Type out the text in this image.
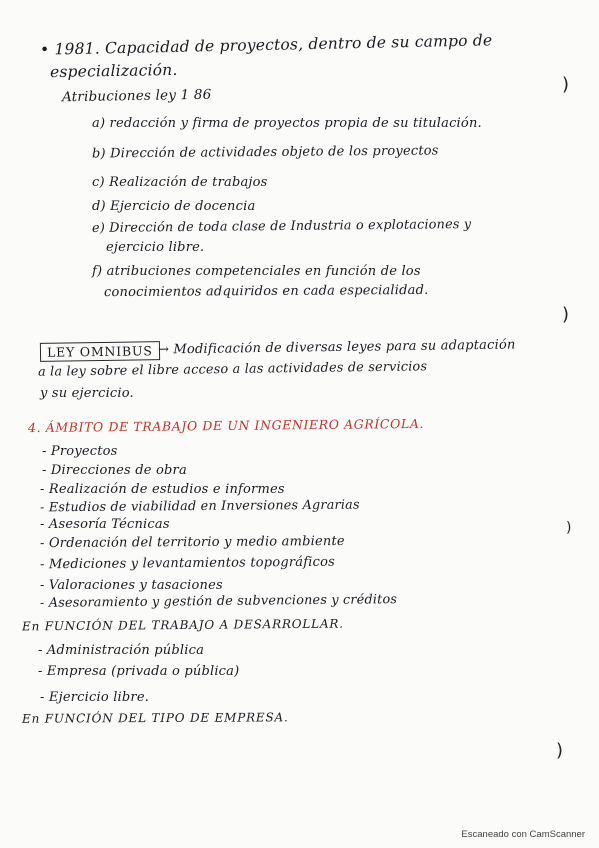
• 1981. Capacidad de proyectos, dentro de su campo de
especialización.
)
Atribuciones ley 1 86
a) redacción y firma de proyectos propia de su titulación.
b) Dirección de actividades objeto de los proyectos
c) Realización de trabajos
d) Ejercicio de docencia
e) Dirección de toda clase de Industria o explotaciones y
ejercicio libre.
f) atribuciones competenciales en función de los
conocimientos adquiridos en cada especialidad.
)
LEY OMNIBUS → Modificación de diversas leyes para su adaptación
a la ley sobre el libre acceso a las actividades de servicios
y su ejercicio.
4. ÁMBITO DE TRABAJO DE UN INGENIERO AGRÍCOLA.
- Proyectos
- Direcciones de obra
- Realización de estudios e informes
- Estudios de viabilidad en Inversiones Agrarias
- Asesoría Técnicas
- Ordenación del territorio y medio ambiente
)
- Mediciones y levantamientos topográficos
- Valoraciones y tasaciones
- Asesoramiento y gestión de subvenciones y créditos
En FUNCIÓN DEL TRABAJO A DESARROLLAR.
- Administración pública
- Empresa (privada o pública)
- Ejercicio libre.
En FUNCIÓN DEL TIPO DE EMPRESA.
)
Escaneado con CamScanner
